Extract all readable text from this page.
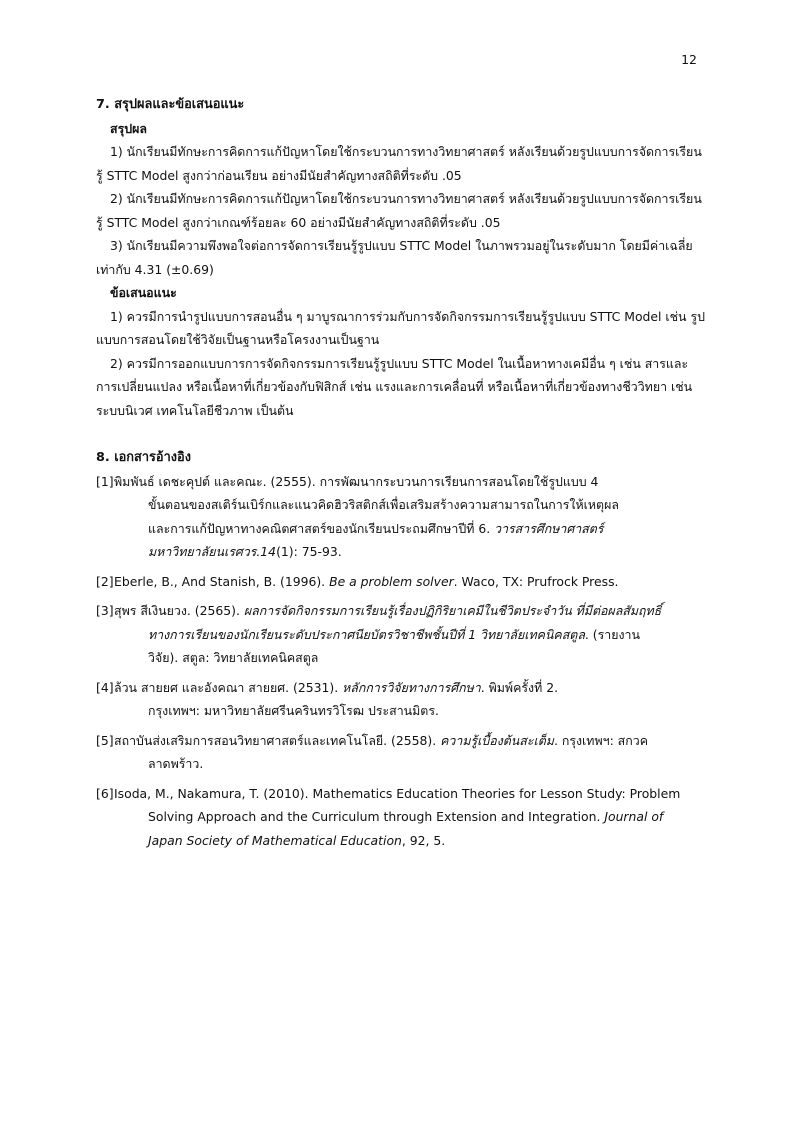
12
7. สรุปผลและข้อเสนอแนะ
สรุปผล

1) นักเรียนมีทักษะการคิดการแก้ปัญหาโดยใช้กระบวนการทางวิทยาศาสตร์ หลังเรียนด้วยรูปแบบการจัดการเรียนรู้ STTC Model สูงกว่าก่อนเรียน อย่างมีนัยสำคัญทางสถิติที่ระดับ .05

2) นักเรียนมีทักษะการคิดการแก้ปัญหาโดยใช้กระบวนการทางวิทยาศาสตร์ หลังเรียนด้วยรูปแบบการจัดการเรียนรู้ STTC Model สูงกว่าเกณฑ์ร้อยละ 60 อย่างมีนัยสำคัญทางสถิติที่ระดับ .05

3) นักเรียนมีความพึงพอใจต่อการจัดการเรียนรู้รูปแบบ STTC Model ในภาพรวมอยู่ในระดับมาก โดยมีค่าเฉลี่ยเท่ากับ 4.31 (±0.69)

ข้อเสนอแนะ

1) ควรมีการนำรูปแบบการสอนอื่น ๆ มาบูรณาการร่วมกับการจัดกิจกรรมการเรียนรู้รูปแบบ STTC Model เช่น รูปแบบการสอนโดยใช้วิจัยเป็นฐานหรือโครงงานเป็นฐาน

2) ควรมีการออกแบบการการจัดกิจกรรมการเรียนรู้รูปแบบ STTC Model ในเนื้อหาทางเคมีอื่น ๆ เช่น สารและการเปลี่ยนแปลง หรือเนื้อหาที่เกี่ยวข้องกับฟิสิกส์ เช่น แรงและการเคลื่อนที่ หรือเนื้อหาที่เกี่ยวข้องทางชีววิทยา เช่น ระบบนิเวศ เทคโนโลยีชีวภาพ เป็นต้น

8. เอกสารอ้างอิง
[1] พิมพันธ์ เดชะคุปต์ และคณะ. (2555). การพัฒนากระบวนการเรียนการสอนโดยใช้รูปแบบ 4
ขั้นตอนของสเติร์นเบิร์กและแนวคิดฮิวริสติกส์เพื่อเสริมสร้างความสามารถในการให้เหตุผล
และการแก้ปัญหาทางคณิตศาสตร์ของนักเรียนประถมศึกษาปีที่ 6. วารสารศึกษาศาสตร์
มหาวิทยาลัยนเรศวร.14(1): 75-93.
[2] Eberle, B., And Stanish, B. (1996). Be a problem solver. Waco, TX: Prufrock Press.
[3] สุพร สีเงินยวง. (2565). ผลการจัดกิจกรรมการเรียนรู้เรื่องปฏิกิริยาเคมีในชีวิตประจำวัน ที่มีต่อผลสัมฤทธิ์
ทางการเรียนของนักเรียนระดับประกาศนียบัตรวิชาชีพชั้นปีที่ 1 วิทยาลัยเทคนิคสตูล. (รายงาน
วิจัย). สตูล: วิทยาลัยเทคนิคสตูล
[4] ล้วน สายยศ และอังคณา สายยศ. (2531). หลักการวิจัยทางการศึกษา. พิมพ์ครั้งที่ 2.
กรุงเทพฯ: มหาวิทยาลัยศรีนครินทรวิโรฒ ประสานมิตร.
[5] สถาบันส่งเสริมการสอนวิทยาศาสตร์และเทคโนโลยี. (2558). ความรู้เบื้องต้นสะเต็ม. กรุงเทพฯ: สกวค
ลาดพร้าว.
[6] Isoda, M., Nakamura, T. (2010). Mathematics Education Theories for Lesson Study: Problem
Solving Approach and the Curriculum through Extension and Integration. Journal of
Japan Society of Mathematical Education, 92, 5.
